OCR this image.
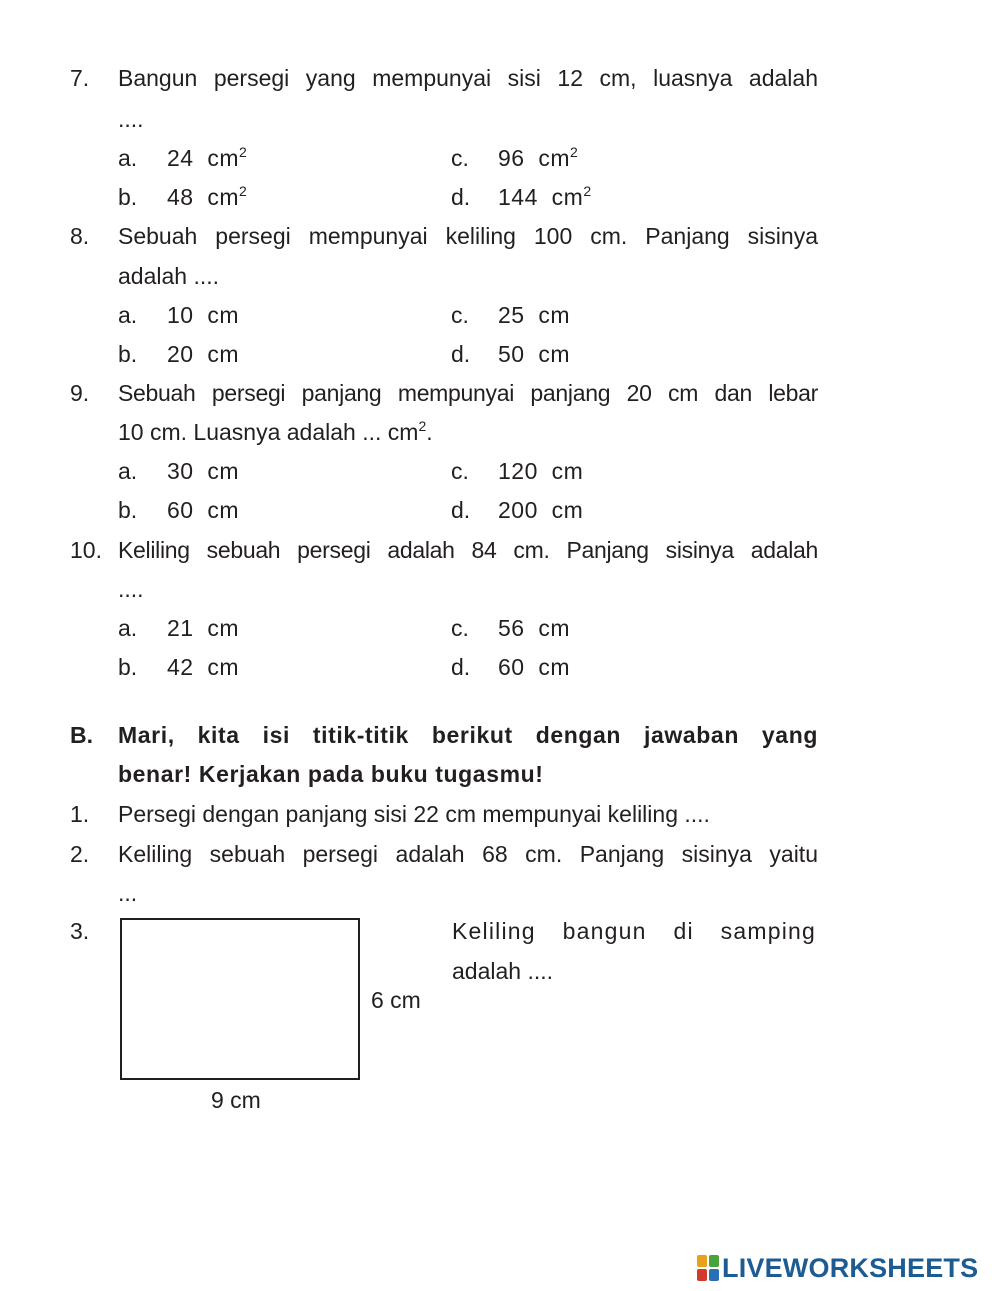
7. Bangun persegi yang mempunyai sisi 12 cm, luasnya adalah
....
a. 24  $cm^2$	c. 96  $cm^2$
b. 48  $cm^2$	d. 144  $cm^2$
8. Sebuah persegi mempunyai keliling 100 cm. Panjang sisinya
adalah ....
a. 10  cm	c. 25  cm
b. 20  cm	d. 50  cm
9. Sebuah persegi panjang mempunyai panjang 20 cm dan lebar
10 cm. Luasnya adalah ... $cm^2$.
a. 30  cm	c. 120  cm
b. 60  cm	d. 200  cm
10. Keliling sebuah persegi adalah 84 cm. Panjang sisinya adalah
....
a. 21  cm	c. 56  cm
b. 42  cm	d. 60  cm
B. Mari, kita isi titik-titik berikut dengan jawaban yang
benar! Kerjakan pada buku tugasmu!
1. Persegi dengan panjang sisi 22 cm mempunyai keliling ....
2. Keliling sebuah persegi adalah 68 cm. Panjang sisinya yaitu
...
3.
6 cm
9 cm
Keliling bangun di samping
adalah ....
LIVEWORKSHEETS
